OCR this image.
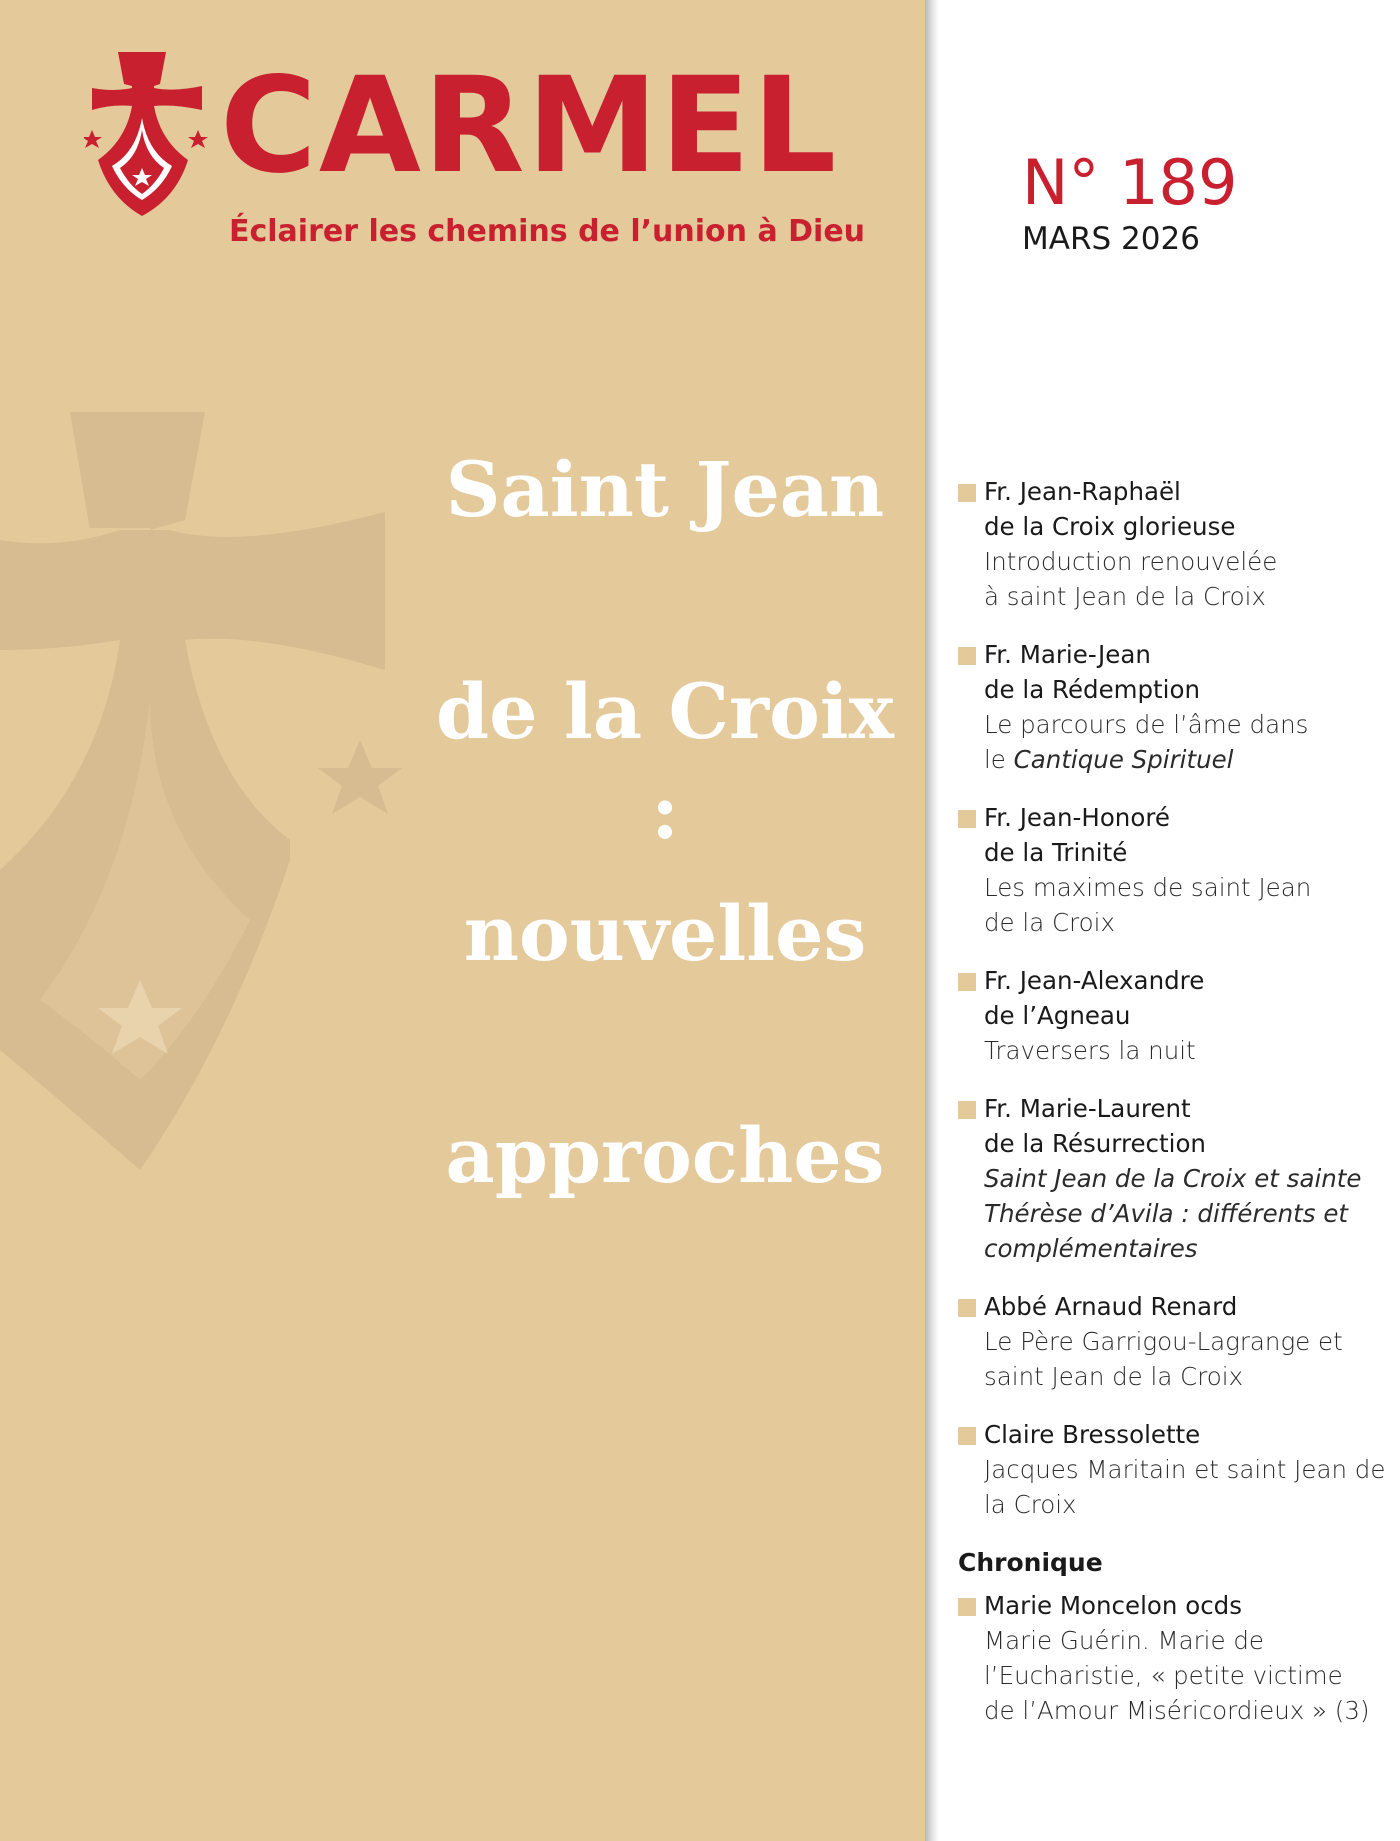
CARMEL

Éclairer les chemins de l’union à Dieu

N° 189

MARS 2026

Saint Jean
de la Croix :
nouvelles
approches
Fr. Jean-Raphaël
de la Croix glorieuse
Introduction renouvelée
à saint Jean de la Croix
Fr. Marie-Jean
de la Rédemption
Le parcours de l’âme dans
le Cantique Spirituel
Fr. Jean-Honoré
de la Trinité
Les maximes de saint Jean
de la Croix
Fr. Jean-Alexandre
de l’Agneau
Traversers la nuit
Fr. Marie-Laurent
de la Résurrection
Saint Jean de la Croix et sainte
Thérèse d’Avila : différents et
complémentaires
Abbé Arnaud Renard
Le Père Garrigou-Lagrange et
saint Jean de la Croix
Claire Bressolette
Jacques Maritain et saint Jean de
la Croix
Chronique
Marie Moncelon ocds
Marie Guérin. Marie de
l’Eucharistie, « petite victime
de l’Amour Miséricordieux » (3)
